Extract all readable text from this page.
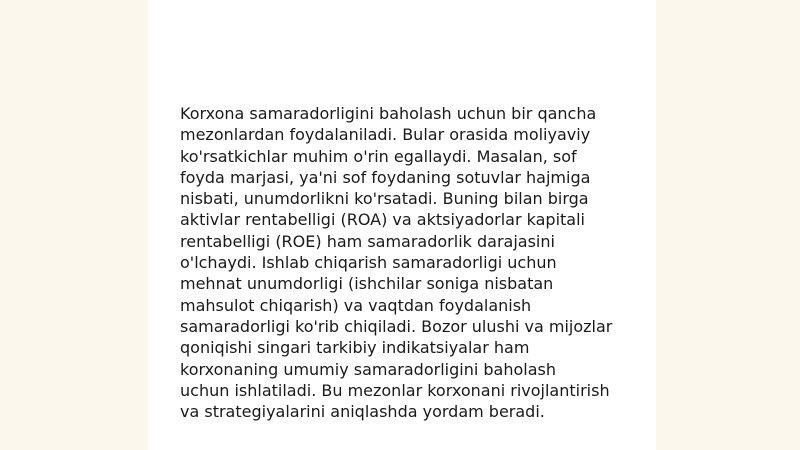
Korxona samaradorligini baholash uchun bir qancha
mezonlardan foydalaniladi. Bular orasida moliyaviy
ko'rsatkichlar muhim o'rin egallaydi. Masalan, sof
foyda marjasi, ya'ni sof foydaning sotuvlar hajmiga
nisbati, unumdorlikni ko'rsatadi. Buning bilan birga
aktivlar rentabelligi (ROA) va aktsiyadorlar kapitali
rentabelligi (ROE) ham samaradorlik darajasini
o'lchaydi. Ishlab chiqarish samaradorligi uchun
mehnat unumdorligi (ishchilar soniga nisbatan
mahsulot chiqarish) va vaqtdan foydalanish
samaradorligi ko'rib chiqiladi. Bozor ulushi va mijozlar
qoniqishi singari tarkibiy indikatsiyalar ham
korxonaning umumiy samaradorligini baholash
uchun ishlatiladi. Bu mezonlar korxonani rivojlantirish
va strategiyalarini aniqlashda yordam beradi.
